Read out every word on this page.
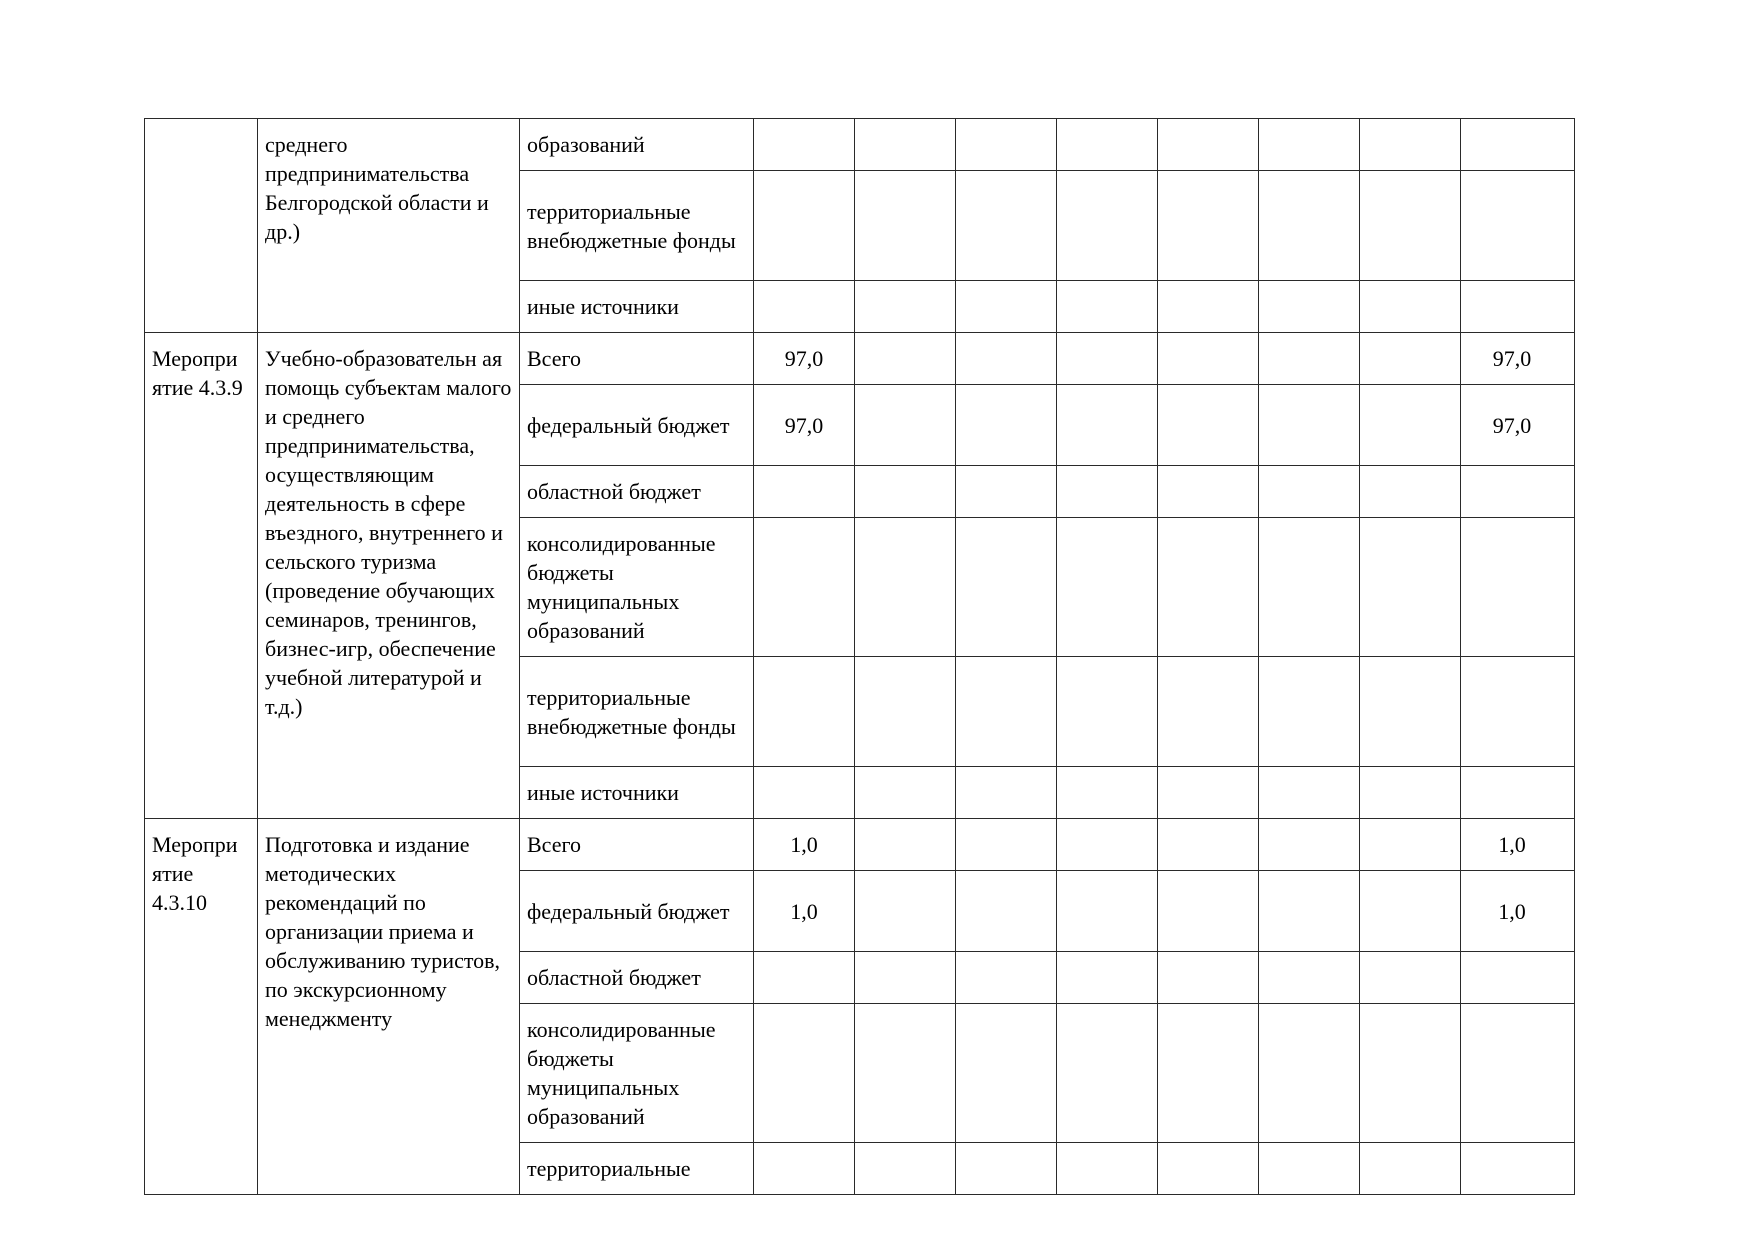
	среднего предпринимательства Белгородской области и др.)	образований								
		территориальные внебюджетные фонды								
		иные источники								
Меропри ятие 4.3.9	Учебно-образовательн ая помощь субъектам малого и среднего предпринимательства, осуществляющим деятельность в сфере въездного, внутреннего и сельского туризма (проведение обучающих семинаров, тренингов, бизнес-игр, обеспечение учебной литературой и т.д.)	Всего	97,0							97,0
		федеральный бюджет	97,0							97,0
		областной бюджет								
		консолидированные бюджеты муниципальных образований								
		территориальные внебюджетные фонды								
		иные источники								
Меропри ятие 4.3.10	Подготовка и издание методических рекомендаций по организации приема и обслуживанию туристов, по экскурсионному менеджменту	Всего	1,0							1,0
		федеральный бюджет	1,0							1,0
		областной бюджет								
		консолидированные бюджеты муниципальных образований								
		территориальные								
